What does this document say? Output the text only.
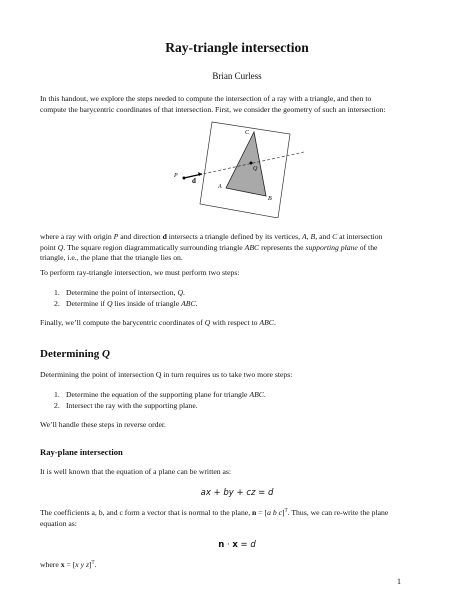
Ray-triangle intersection
Brian Curless
In this handout, we explore the steps needed to compute the intersection of a ray with a triangle, and then to
compute the barycentric coordinates of that intersection. First, we consider the geometry of such an intersection:
C
A
B
P
Q
d
where a ray with origin P and direction d intersects a triangle defined by its vertices, A, B, and C at intersection
point Q. The square region diagrammatically surrounding triangle ABC represents the supporting plane of the
triangle, i.e., the plane that the triangle lies on.
To perform ray-triangle intersection, we must perform two steps:
1. Determine the point of intersection, Q.
2. Determine if Q lies inside of triangle ABC.
Finally, we’ll compute the barycentric coordinates of Q with respect to ABC.
Determining Q
Determining the point of intersection Q in turn requires us to take two more steps:
1. Determine the equation of the supporting plane for triangle ABC.
2. Intersect the ray with the supporting plane.
We’ll handle these steps in reverse order.
Ray-plane intersection
It is well known that the equation of a plane can be written as:
ax + by + cz = d
The coefficients a, b, and c form a vector that is normal to the plane, n = [a b c]$^T$. Thus, we can re-write the plane
equation as:
n · x = d
where x = [x y z]$^T$.
1
